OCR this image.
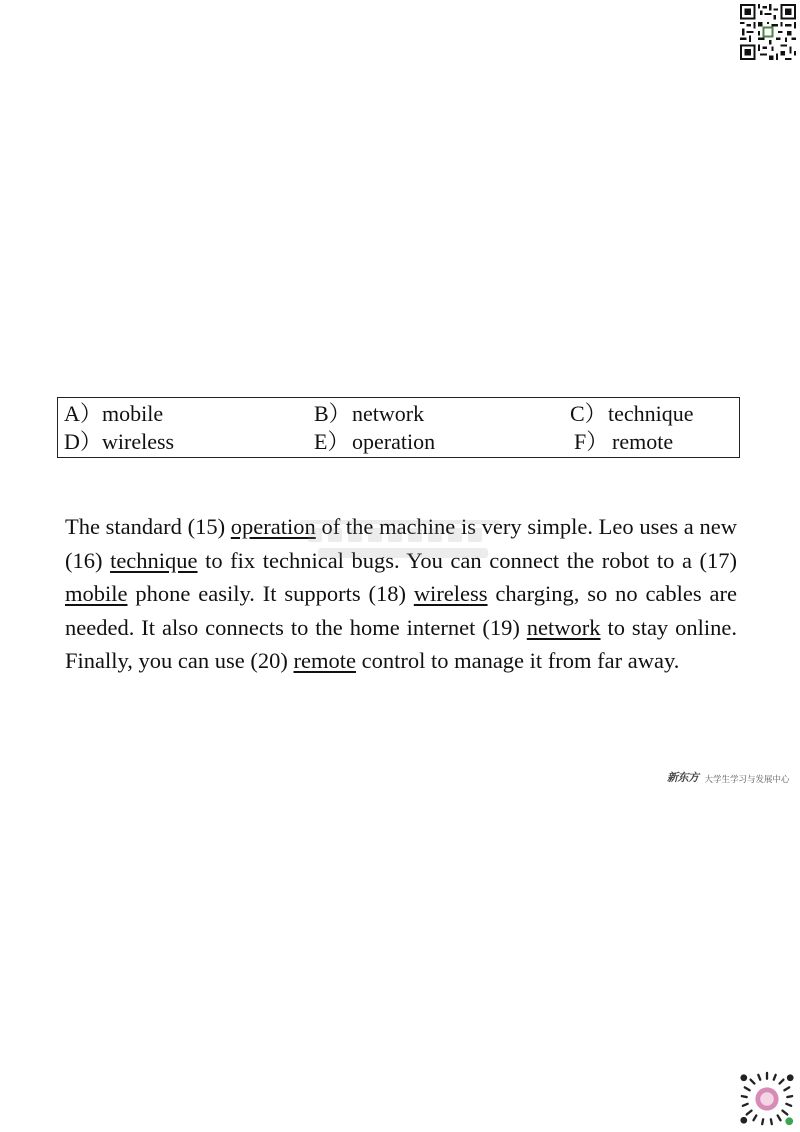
A）mobile	B）network	C）technique
D）wireless	E） operation	F） remote

The standard (15) operation of the machine is very simple. Leo uses a new (16) technique to fix technical bugs. You can connect the robot to a (17) mobile phone easily. It supports (18) wireless charging, so no cables are needed. It also connects to the home internet (19) network to stay online. Finally, you can use (20) remote control to manage it from far away.

新东方 大学生学习与发展中心
